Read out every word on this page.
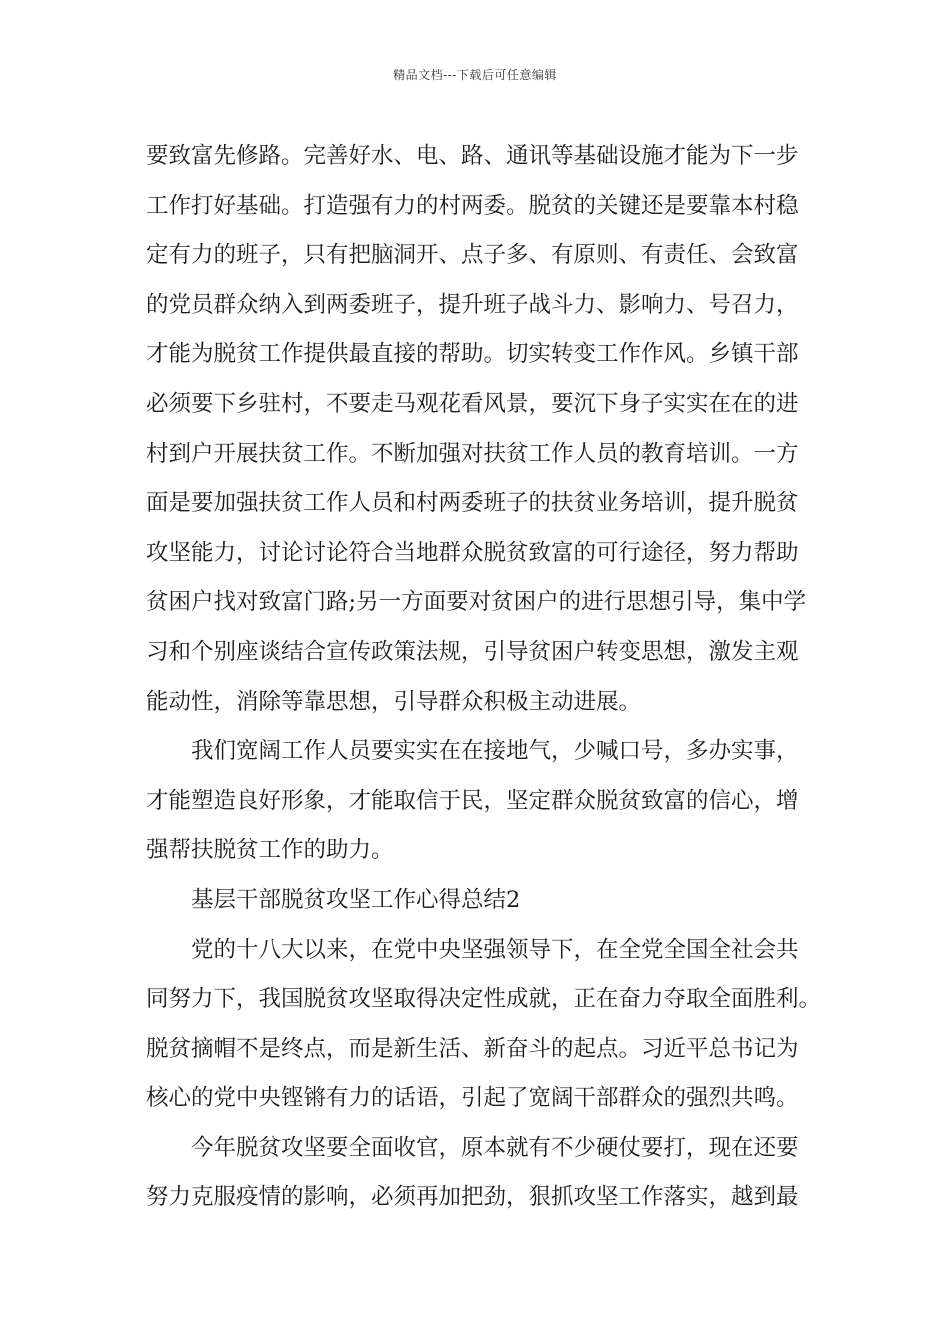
精品文档---下载后可任意编辑
要致富先修路。完善好水、电、路、通讯等基础设施才能为下一步
工作打好基础。打造强有力的村两委。脱贫的关键还是要靠本村稳
定有力的班子，只有把脑洞开、点子多、有原则、有责任、会致富
的党员群众纳入到两委班子，提升班子战斗力、影响力、号召力，
才能为脱贫工作提供最直接的帮助。切实转变工作作风。乡镇干部
必须要下乡驻村，不要走马观花看风景，要沉下身子实实在在的进
村到户开展扶贫工作。不断加强对扶贫工作人员的教育培训。一方
面是要加强扶贫工作人员和村两委班子的扶贫业务培训，提升脱贫
攻坚能力，讨论讨论符合当地群众脱贫致富的可行途径，努力帮助
贫困户找对致富门路;另一方面要对贫困户的进行思想引导，集中学
习和个别座谈结合宣传政策法规，引导贫困户转变思想，激发主观
能动性，消除等靠思想，引导群众积极主动进展。
我们宽阔工作人员要实实在在接地气，少喊口号，多办实事，
才能塑造良好形象，才能取信于民，坚定群众脱贫致富的信心，增
强帮扶脱贫工作的助力。
基层干部脱贫攻坚工作心得总结2
党的十八大以来，在党中央坚强领导下，在全党全国全社会共
同努力下，我国脱贫攻坚取得决定性成就，正在奋力夺取全面胜利。
脱贫摘帽不是终点，而是新生活、新奋斗的起点。习近平总书记为
核心的党中央铿锵有力的话语，引起了宽阔干部群众的强烈共鸣。
今年脱贫攻坚要全面收官，原本就有不少硬仗要打，现在还要
努力克服疫情的影响，必须再加把劲，狠抓攻坚工作落实，越到最
